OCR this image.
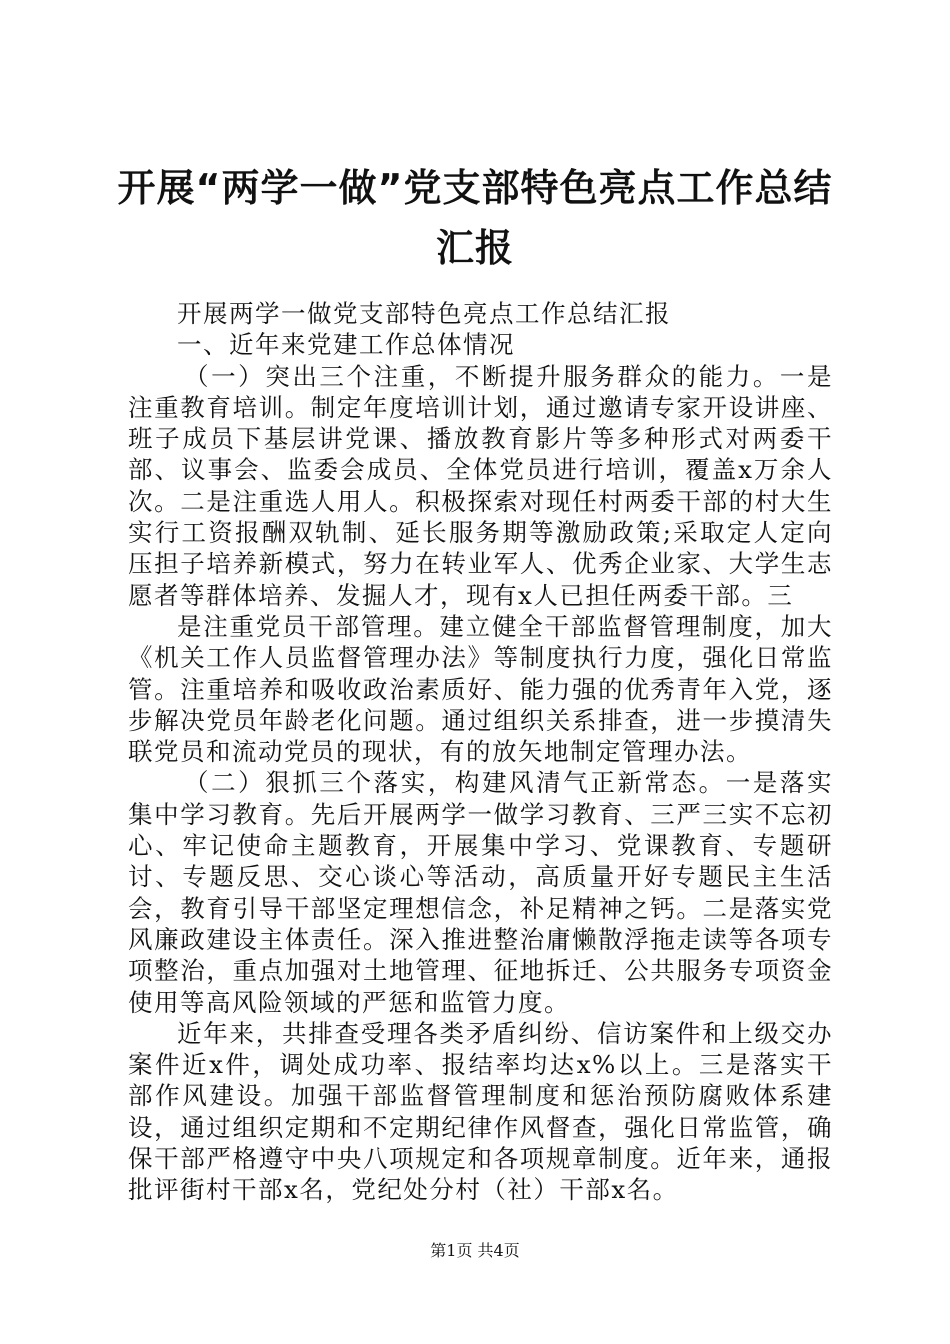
开展“两学一做”党支部特色亮点工作总结汇报

开展两学一做党支部特色亮点工作总结汇报

一、近年来党建工作总体情况

（一）突出三个注重，不断提升服务群众的能力。一是注重教育培训。制定年度培训计划，通过邀请专家开设讲座、班子成员下基层讲党课、播放教育影片等多种形式对两委干部、议事会、监委会成员、全体党员进行培训，覆盖x万余人次。二是注重选人用人。积极探索对现任村两委干部的村大生实行工资报酬双轨制、延长服务期等激励政策;采取定人定向压担子培养新模式，努力在转业军人、优秀企业家、大学生志愿者等群体培养、发掘人才，现有x人已担任两委干部。三

是注重党员干部管理。建立健全干部监督管理制度，加大《机关工作人员监督管理办法》等制度执行力度，强化日常监管。注重培养和吸收政治素质好、能力强的优秀青年入党，逐步解决党员年龄老化问题。通过组织关系排查，进一步摸清失联党员和流动党员的现状，有的放矢地制定管理办法。

（二）狠抓三个落实，构建风清气正新常态。一是落实集中学习教育。先后开展两学一做学习教育、三严三实不忘初心、牢记使命主题教育，开展集中学习、党课教育、专题研讨、专题反思、交心谈心等活动，高质量开好专题民主生活会，教育引导干部坚定理想信念，补足精神之钙。二是落实党风廉政建设主体责任。深入推进整治庸懒散浮拖走读等各项专项整治，重点加强对土地管理、征地拆迁、公共服务专项资金使用等高风险领域的严惩和监管力度。

近年来，共排查受理各类矛盾纠纷、信访案件和上级交办案件近x件，调处成功率、报结率均达x%以上。三是落实干部作风建设。加强干部监督管理制度和惩治预防腐败体系建设，通过组织定期和不定期纪律作风督查，强化日常监管，确保干部严格遵守中央八项规定和各项规章制度。近年来，通报批评街村干部x名，党纪处分村（社）干部x名。

第1页 共4页
